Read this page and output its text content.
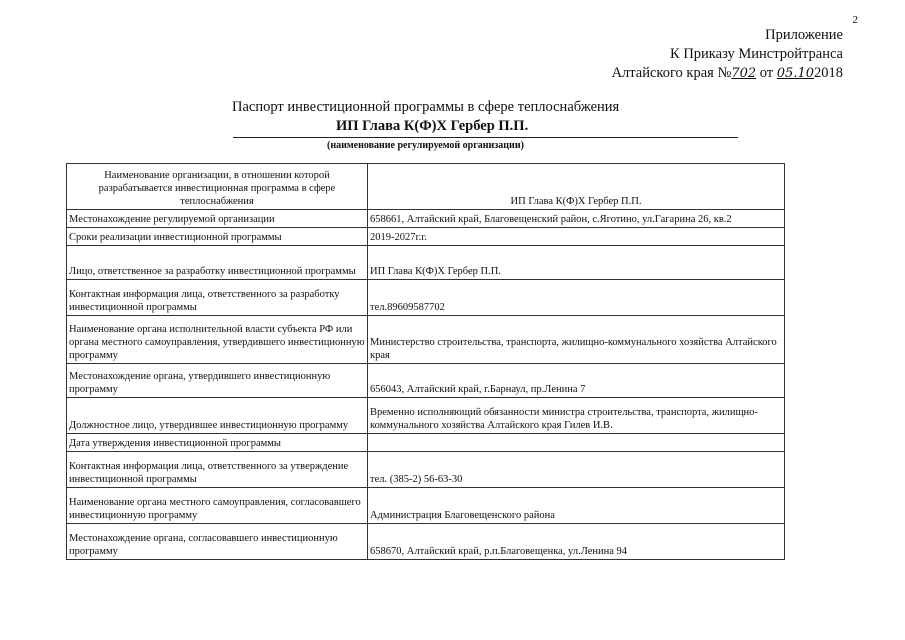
2
Приложение
К Приказу Минстройтранса
Алтайского края №702 от 05.102018
Паспорт инвестиционной программы в сфере теплоснабжения
ИП Глава К(Ф)Х Гербер П.П.
(наименование регулируемой организации)
Наименование организации, в отношении которой разрабатывается инвестиционная программа в сфере теплоснабжения	ИП Глава К(Ф)Х Гербер П.П.
Местонахождение регулируемой организации	658661, Алтайский край, Благовещенский район, с.Яготино, ул.Гагарина 26, кв.2
Сроки реализации инвестиционной программы	2019-2027г.г.
Лицо, ответственное за разработку инвестиционной программы	ИП Глава К(Ф)Х Гербер П.П.
Контактная информация лица, ответственного за разработку инвестиционной программы	тел.89609587702
Наименование органа исполнительной власти субъекта РФ или органа местного самоуправления, утвердившего инвестиционную программу	Министерство строительства, транспорта, жилищно-коммунального хозяйства Алтайского края
Местонахождение органа, утвердившего инвестиционную программу	656043, Алтайский край, г.Барнаул, пр.Ленина 7
Должностное лицо, утвердившее инвестиционную программу	Временно исполняющий обязанности министра строительства, транспорта, жилищно-коммунального хозяйства Алтайского края Гилев И.В.
Дата утверждения инвестиционной программы	
Контактная информация лица, ответственного за утверждение инвестиционной программы	тел. (385-2) 56-63-30
Наименование органа местного самоуправления, согласовавшего инвестиционную программу	Администрация Благовещенского района
Местонахождение органа, согласовавшего инвестиционную программу	658670, Алтайский край, р.п.Благовещенка, ул.Ленина 94
